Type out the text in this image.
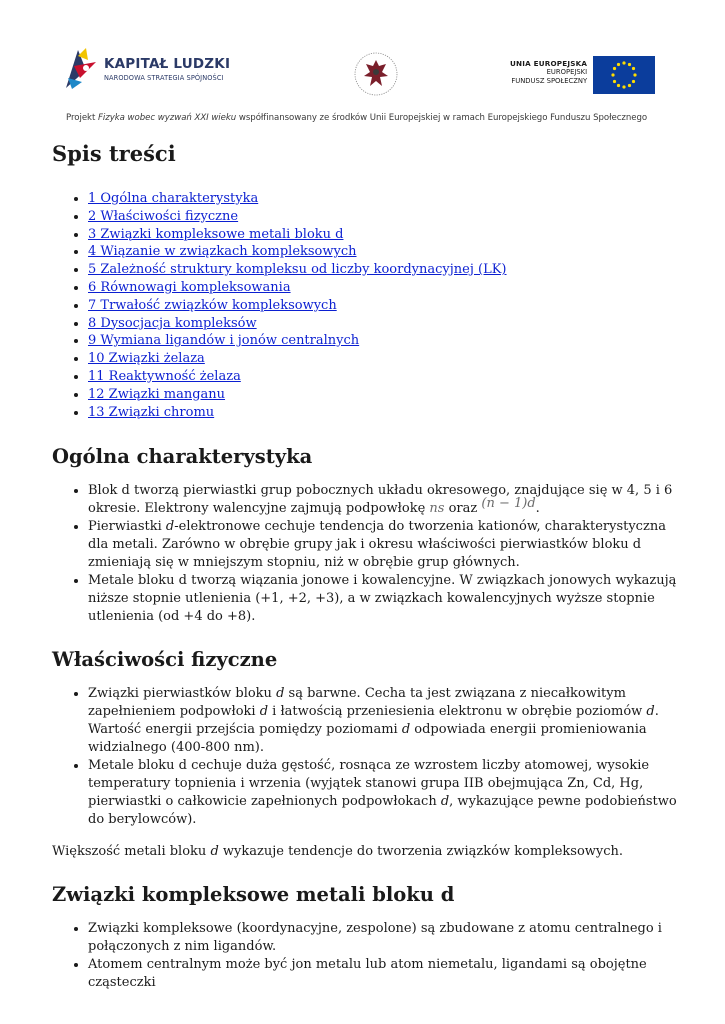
KAPITAŁ LUDZKI
NARODOWA STRATEGIA SPÓJNOŚCI
UNIA EUROPEJSKA
EUROPEJSKI
FUNDUSZ SPOŁECZNY
Projekt Fizyka wobec wyzwań XXI wieku współfinansowany ze środków Unii Europejskiej w ramach Europejskiego Funduszu Społecznego
Spis treści
• 1 Ogólna charakterystyka
• 2 Właściwości fizyczne
• 3 Związki kompleksowe metali bloku d
• 4 Wiązanie w związkach kompleksowych
• 5 Zależność struktury kompleksu od liczby koordynacyjnej (LK)
• 6 Równowagi kompleksowania
• 7 Trwałość związków kompleksowych
• 8 Dysocjacja kompleksów
• 9 Wymiana ligandów i jonów centralnych
• 10 Związki żelaza
• 11 Reaktywność żelaza
• 12 Związki manganu
• 13 Związki chromu
Ogólna charakterystyka
• Blok d tworzą pierwiastki grup pobocznych układu okresowego, znajdujące się w 4, 5 i 6 okresie. Elektrony walencyjne zajmują podpowłokę ns oraz (n − 1)d.
• Pierwiastki d-elektronowe cechuje tendencja do tworzenia kationów, charakterystyczna dla metali. Zarówno w obrębie grupy jak i okresu właściwości pierwiastków bloku d zmieniają się w mniejszym stopniu, niż w obrębie grup głównych.
• Metale bloku d tworzą wiązania jonowe i kowalencyjne. W związkach jonowych wykazują niższe stopnie utlenienia (+1, +2, +3), a w związkach kowalencyjnych wyższe stopnie utlenienia (od +4 do +8).
Właściwości fizyczne
• Związki pierwiastków bloku d są barwne. Cecha ta jest związana z niecałkowitym zapełnieniem podpowłoki d i łatwością przeniesienia elektronu w obrębie poziomów d. Wartość energii przejścia pomiędzy poziomami d odpowiada energii promieniowania widzialnego (400-800 nm).
• Metale bloku d cechuje duża gęstość, rosnąca ze wzrostem liczby atomowej, wysokie temperatury topnienia i wrzenia (wyjątek stanowi grupa IIB obejmująca Zn, Cd, Hg, pierwiastki o całkowicie zapełnionych podpowłokach d, wykazujące pewne podobieństwo do berylowców).

Większość metali bloku d wykazuje tendencje do tworzenia związków kompleksowych.

Związki kompleksowe metali bloku d
• Związki kompleksowe (koordynacyjne, zespolone) są zbudowane z atomu centralnego i połączonych z nim ligandów.
• Atomem centralnym może być jon metalu lub atom niemetalu, ligandami są obojętne cząsteczki
